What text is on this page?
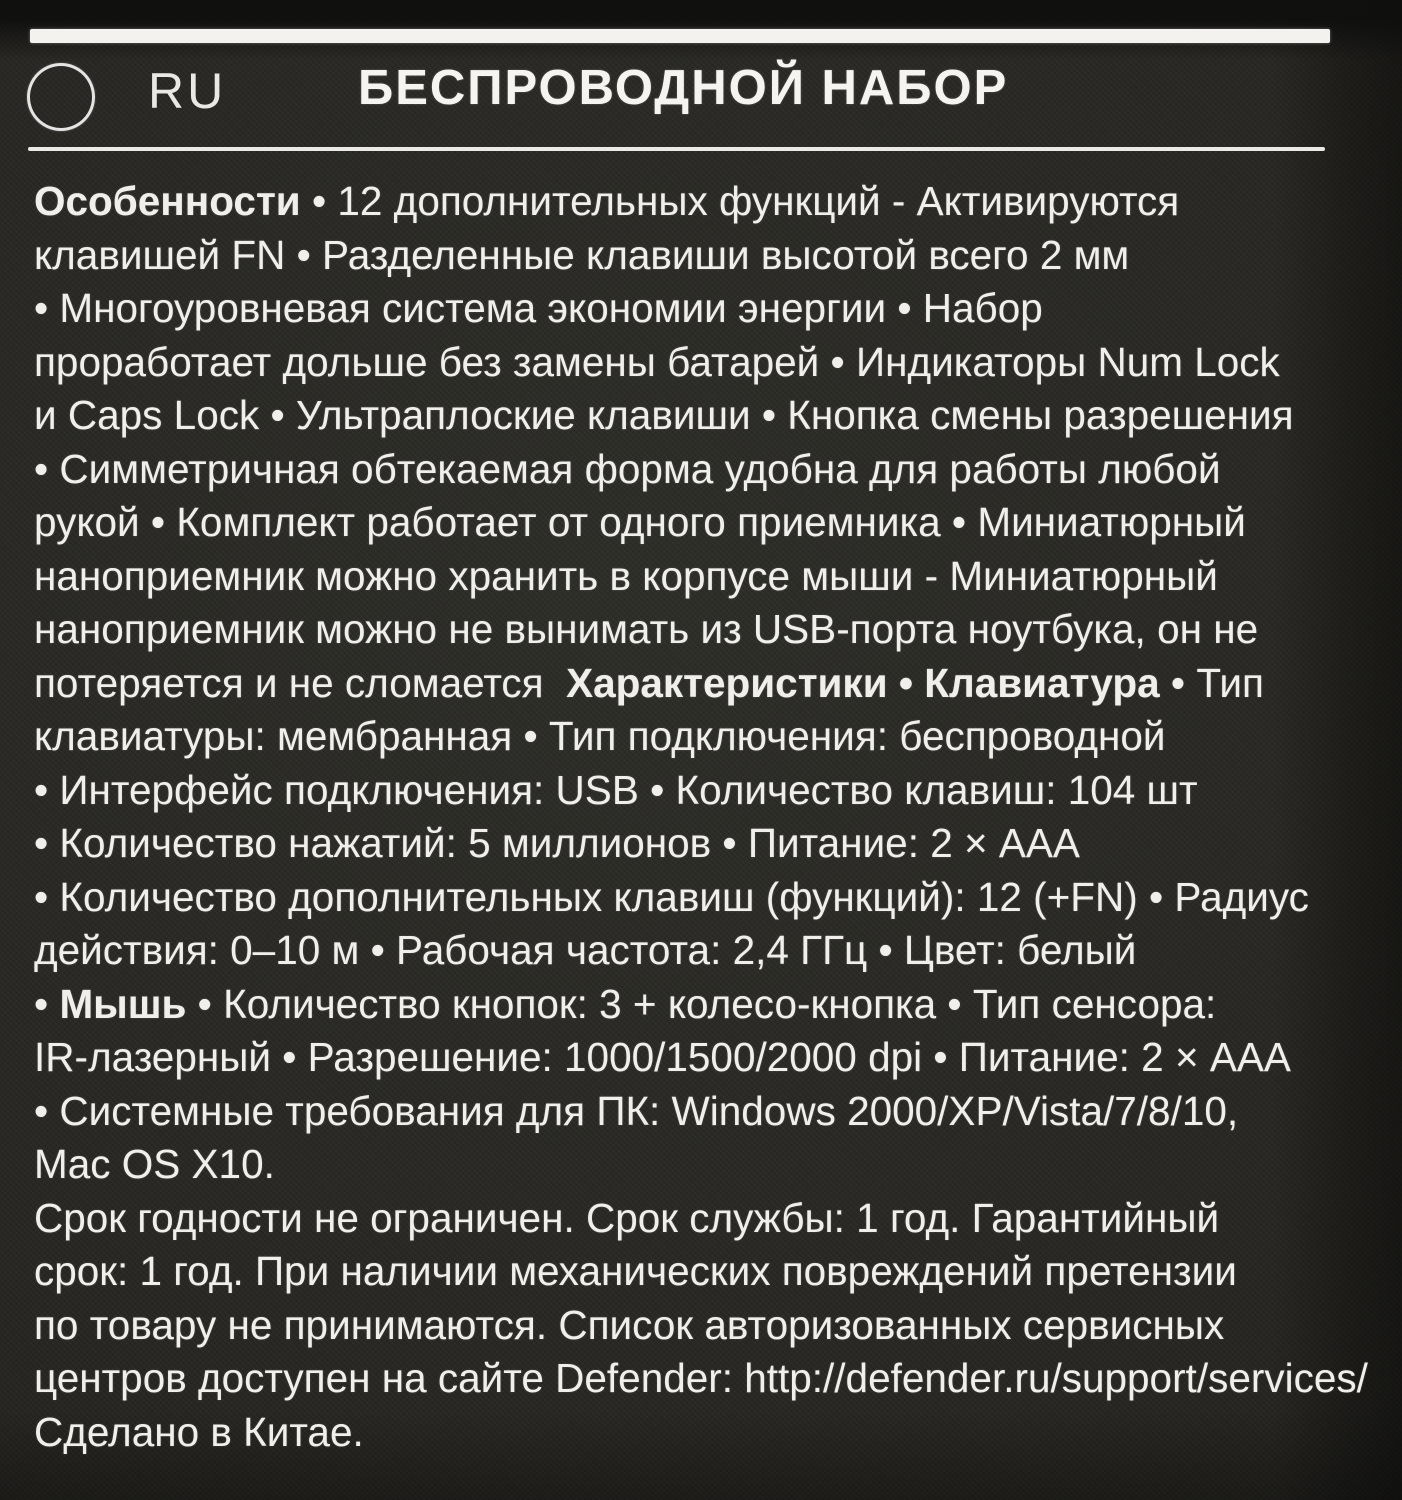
RU	БЕСПРОВОДНОЙ НАБОР
Особенности • 12 дополнительных функций - Активируются
клавишей FN • Разделенные клавиши высотой всего 2 мм
• Многоуровневая система экономии энергии • Набор
проработает дольше без замены батарей • Индикаторы Num Lock
и Caps Lock • Ультраплоские клавиши • Кнопка смены разрешения
• Симметричная обтекаемая форма удобна для работы любой
рукой • Комплект работает от одного приемника • Миниатюрный
наноприемник можно хранить в корпусе мыши - Миниатюрный
наноприемник можно не вынимать из USB-порта ноутбука, он не
потеряется и не сломается  Характеристики • Клавиатура • Тип
клавиатуры: мембранная • Тип подключения: беспроводной
• Интерфейс подключения: USB • Количество клавиш: 104 шт
• Количество нажатий: 5 миллионов • Питание: 2 × AAA
• Количество дополнительных клавиш (функций): 12 (+FN) • Радиус
действия: 0–10 м • Рабочая частота: 2,4 ГГц • Цвет: белый
• Мышь • Количество кнопок: 3 + колесо-кнопка • Тип сенсора:
IR-лазерный • Разрешение: 1000/1500/2000 dpi • Питание: 2 × AAA
• Системные требования для ПК: Windows 2000/XP/Vista/7/8/10,
Mac OS X10.
Срок годности не ограничен. Срок службы: 1 год. Гарантийный
срок: 1 год. При наличии механических повреждений претензии
по товару не принимаются. Список авторизованных сервисных
центров доступен на сайте Defender: http://defender.ru/support/services/
Сделано в Китае.
